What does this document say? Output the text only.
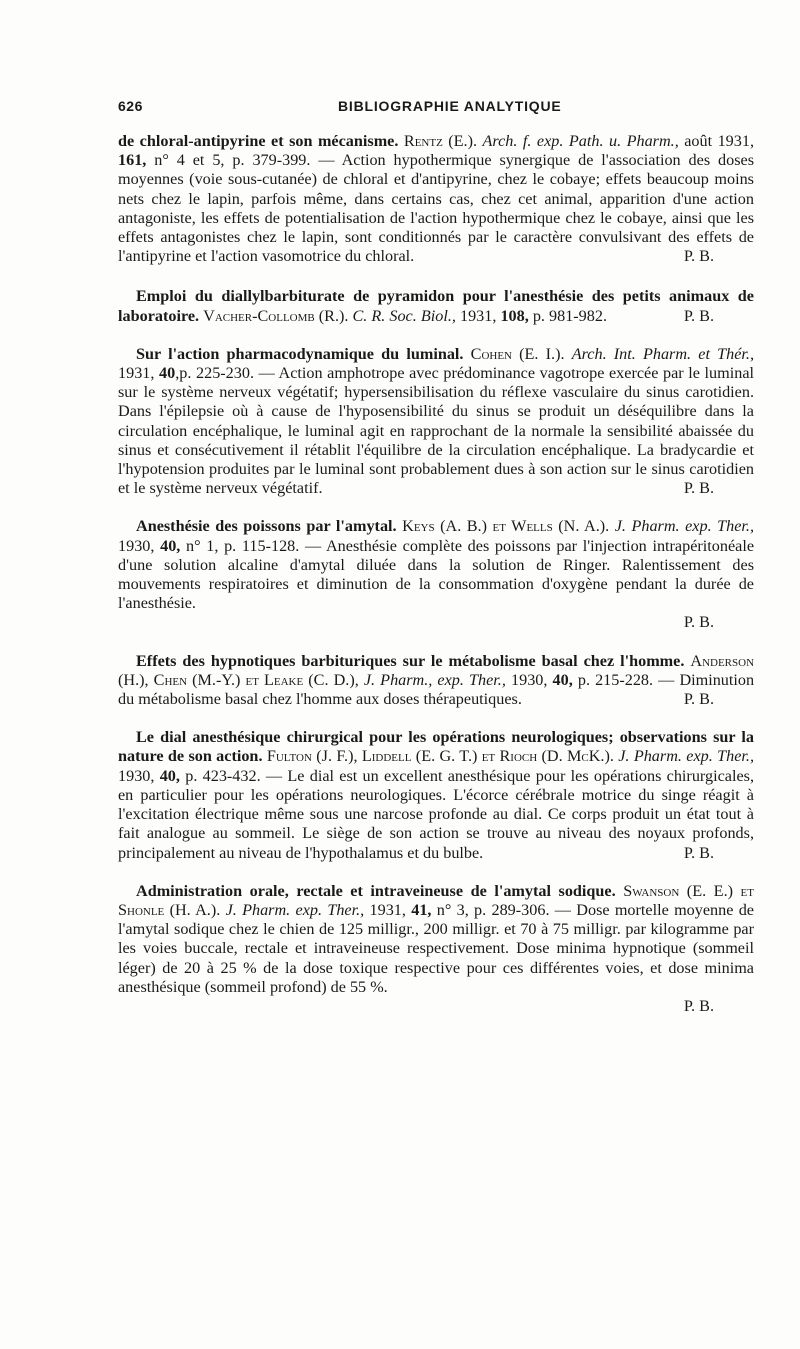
626	BIBLIOGRAPHIE ANALYTIQUE

de chloral-antipyrine et son mécanisme. Rentz (E.). Arch. f. exp. Path. u. Pharm., août 1931, 161, n° 4 et 5, p. 379-399. — Action hypothermique synergique de l'association des doses moyennes (voie sous-cutanée) de chloral et d'antipyrine, chez le cobaye; effets beaucoup moins nets chez le lapin, parfois même, dans certains cas, chez cet animal, apparition d'une action antagoniste, les effets de potentialisation de l'action hypothermique chez le cobaye, ainsi que les effets antagonistes chez le lapin, sont conditionnés par le caractère convulsivant des effets de l'antipyrine et l'action vasomotrice du chloral.	P. B.

Emploi du diallylbarbiturate de pyramidon pour l'anesthésie des petits animaux de laboratoire. Vacher-Collomb (R.). C. R. Soc. Biol., 1931, 108, p. 981-982.	P. B.

Sur l'action pharmacodynamique du luminal. Cohen (E. I.). Arch. Int. Pharm. et Thér., 1931, 40,p. 225-230. — Action amphotrope avec prédominance vagotrope exercée par le luminal sur le système nerveux végétatif; hypersensibilisation du réflexe vasculaire du sinus carotidien. Dans l'épilepsie où à cause de l'hyposensibilité du sinus se produit un déséquilibre dans la circulation encéphalique, le luminal agit en rapprochant de la normale la sensibilité abaissée du sinus et consécutivement il rétablit l'équilibre de la circulation encéphalique. La bradycardie et l'hypotension produites par le luminal sont probablement dues à son action sur le sinus carotidien et le système nerveux végétatif.	P. B.

Anesthésie des poissons par l'amytal. Keys (A. B.) et Wells (N. A.). J. Pharm. exp. Ther., 1930, 40, n° 1, p. 115-128. — Anesthésie complète des poissons par l'injection intrapéritonéale d'une solution alcaline d'amytal diluée dans la solution de Ringer. Ralentissement des mouvements respiratoires et diminution de la consommation d'oxygène pendant la durée de l'anesthésie.
P. B.

Effets des hypnotiques barbituriques sur le métabolisme basal chez l'homme. Anderson (H.), Chen (M.-Y.) et Leake (C. D.), J. Pharm., exp. Ther., 1930, 40, p. 215-228. — Diminution du métabolisme basal chez l'homme aux doses thérapeutiques.	P. B.

Le dial anesthésique chirurgical pour les opérations neurologiques; observations sur la nature de son action. Fulton (J. F.), Liddell (E. G. T.) et Rioch (D. McK.). J. Pharm. exp. Ther., 1930, 40, p. 423-432. — Le dial est un excellent anesthésique pour les opérations chirurgicales, en particulier pour les opérations neurologiques. L'écorce cérébrale motrice du singe réagit à l'excitation électrique même sous une narcose profonde au dial. Ce corps produit un état tout à fait analogue au sommeil. Le siège de son action se trouve au niveau des noyaux profonds, principalement au niveau de l'hypothalamus et du bulbe.	P. B.

Administration orale, rectale et intraveineuse de l'amytal sodique. Swanson (E. E.) et Shonle (H. A.). J. Pharm. exp. Ther., 1931, 41, n° 3, p. 289-306. — Dose mortelle moyenne de l'amytal sodique chez le chien de 125 milligr., 200 milligr. et 70 à 75 milligr. par kilogramme par les voies buccale, rectale et intraveineuse respectivement. Dose minima hypnotique (sommeil léger) de 20 à 25 % de la dose toxique respective pour ces différentes voies, et dose minima anesthésique (sommeil profond) de 55 %.
P. B.
